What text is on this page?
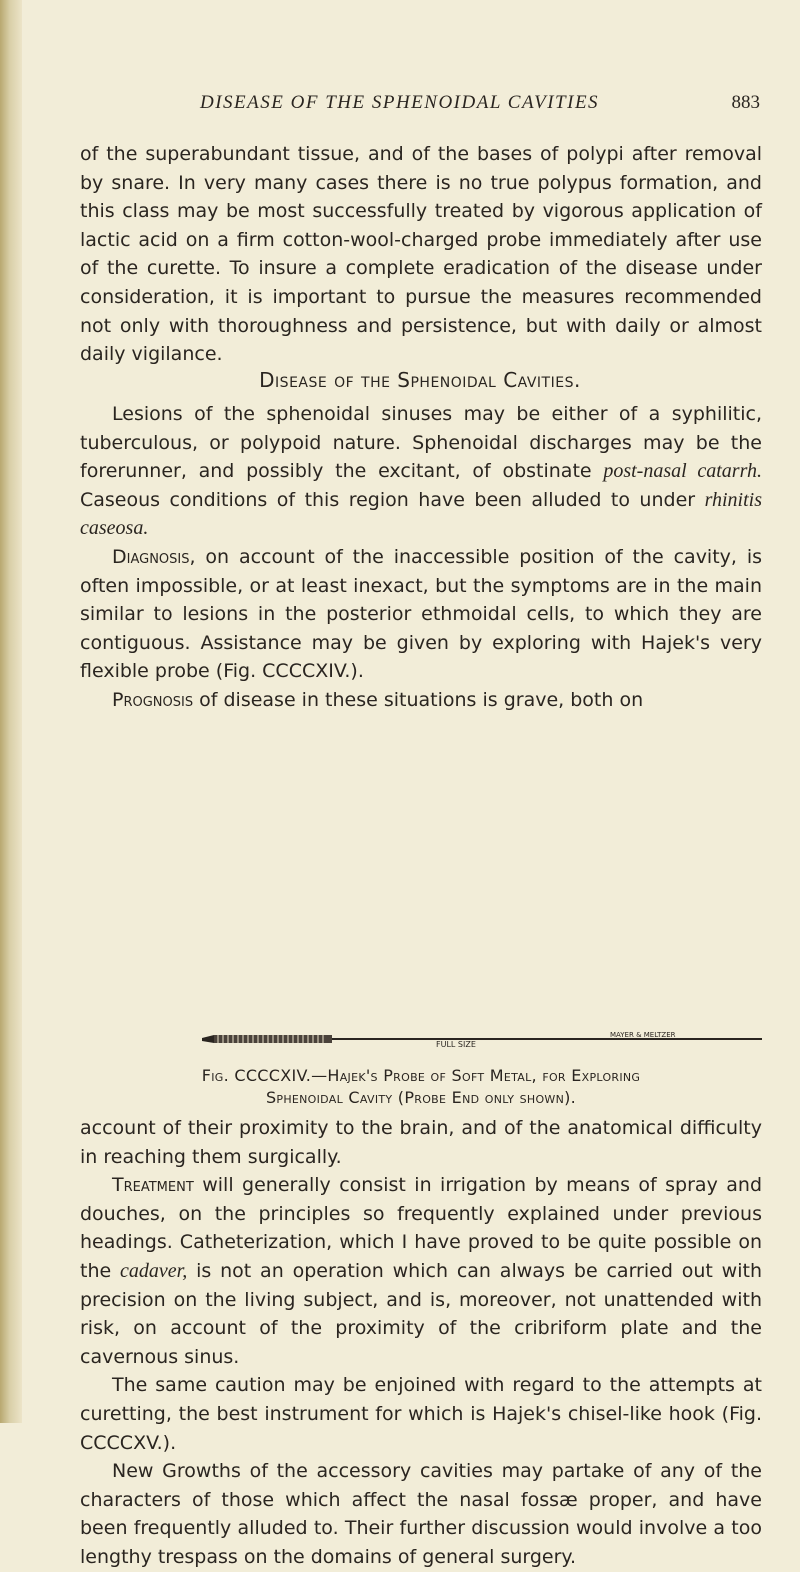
DISEASE OF THE SPHENOIDAL CAVITIES	883

of the superabundant tissue, and of the bases of polypi after removal by snare. In very many cases there is no true polypus formation, and this class may be most successfully treated by vigorous application of lactic acid on a firm cotton-wool-charged probe immediately after use of the curette. To insure a complete eradication of the disease under consideration, it is important to pursue the measures recommended not only with thoroughness and persistence, but with daily or almost daily vigilance.

Disease of the Sphenoidal Cavities.

Lesions of the sphenoidal sinuses may be either of a syphilitic, tuberculous, or polypoid nature. Sphenoidal discharges may be the forerunner, and possibly the excitant, of obstinate post-nasal catarrh. Caseous conditions of this region have been alluded to under rhinitis caseosa.

Diagnosis, on account of the inaccessible position of the cavity, is often impossible, or at least inexact, but the symptoms are in the main similar to lesions in the posterior ethmoidal cells, to which they are contiguous. Assistance may be given by exploring with Hajek's very flexible probe (Fig. CCCCXIV.).

Prognosis of disease in these situations is grave, both on

FULL SIZE
MAYER & MELTZER
Fig. CCCCXIV.—Hajek's Probe of Soft Metal, for Exploring
Sphenoidal Cavity (Probe End only shown).

account of their proximity to the brain, and of the anatomical difficulty in reaching them surgically.

Treatment will generally consist in irrigation by means of spray and douches, on the principles so frequently explained under previous headings. Catheterization, which I have proved to be quite possible on the cadaver, is not an operation which can always be carried out with precision on the living subject, and is, moreover, not unattended with risk, on account of the proximity of the cribriform plate and the cavernous sinus.

The same caution may be enjoined with regard to the attempts at curetting, the best instrument for which is Hajek's chisel-like hook (Fig. CCCCXV.).

New Growths of the accessory cavities may partake of any of the characters of those which affect the nasal fossæ proper, and have been frequently alluded to. Their further discussion would involve a too lengthy trespass on the domains of general surgery.
